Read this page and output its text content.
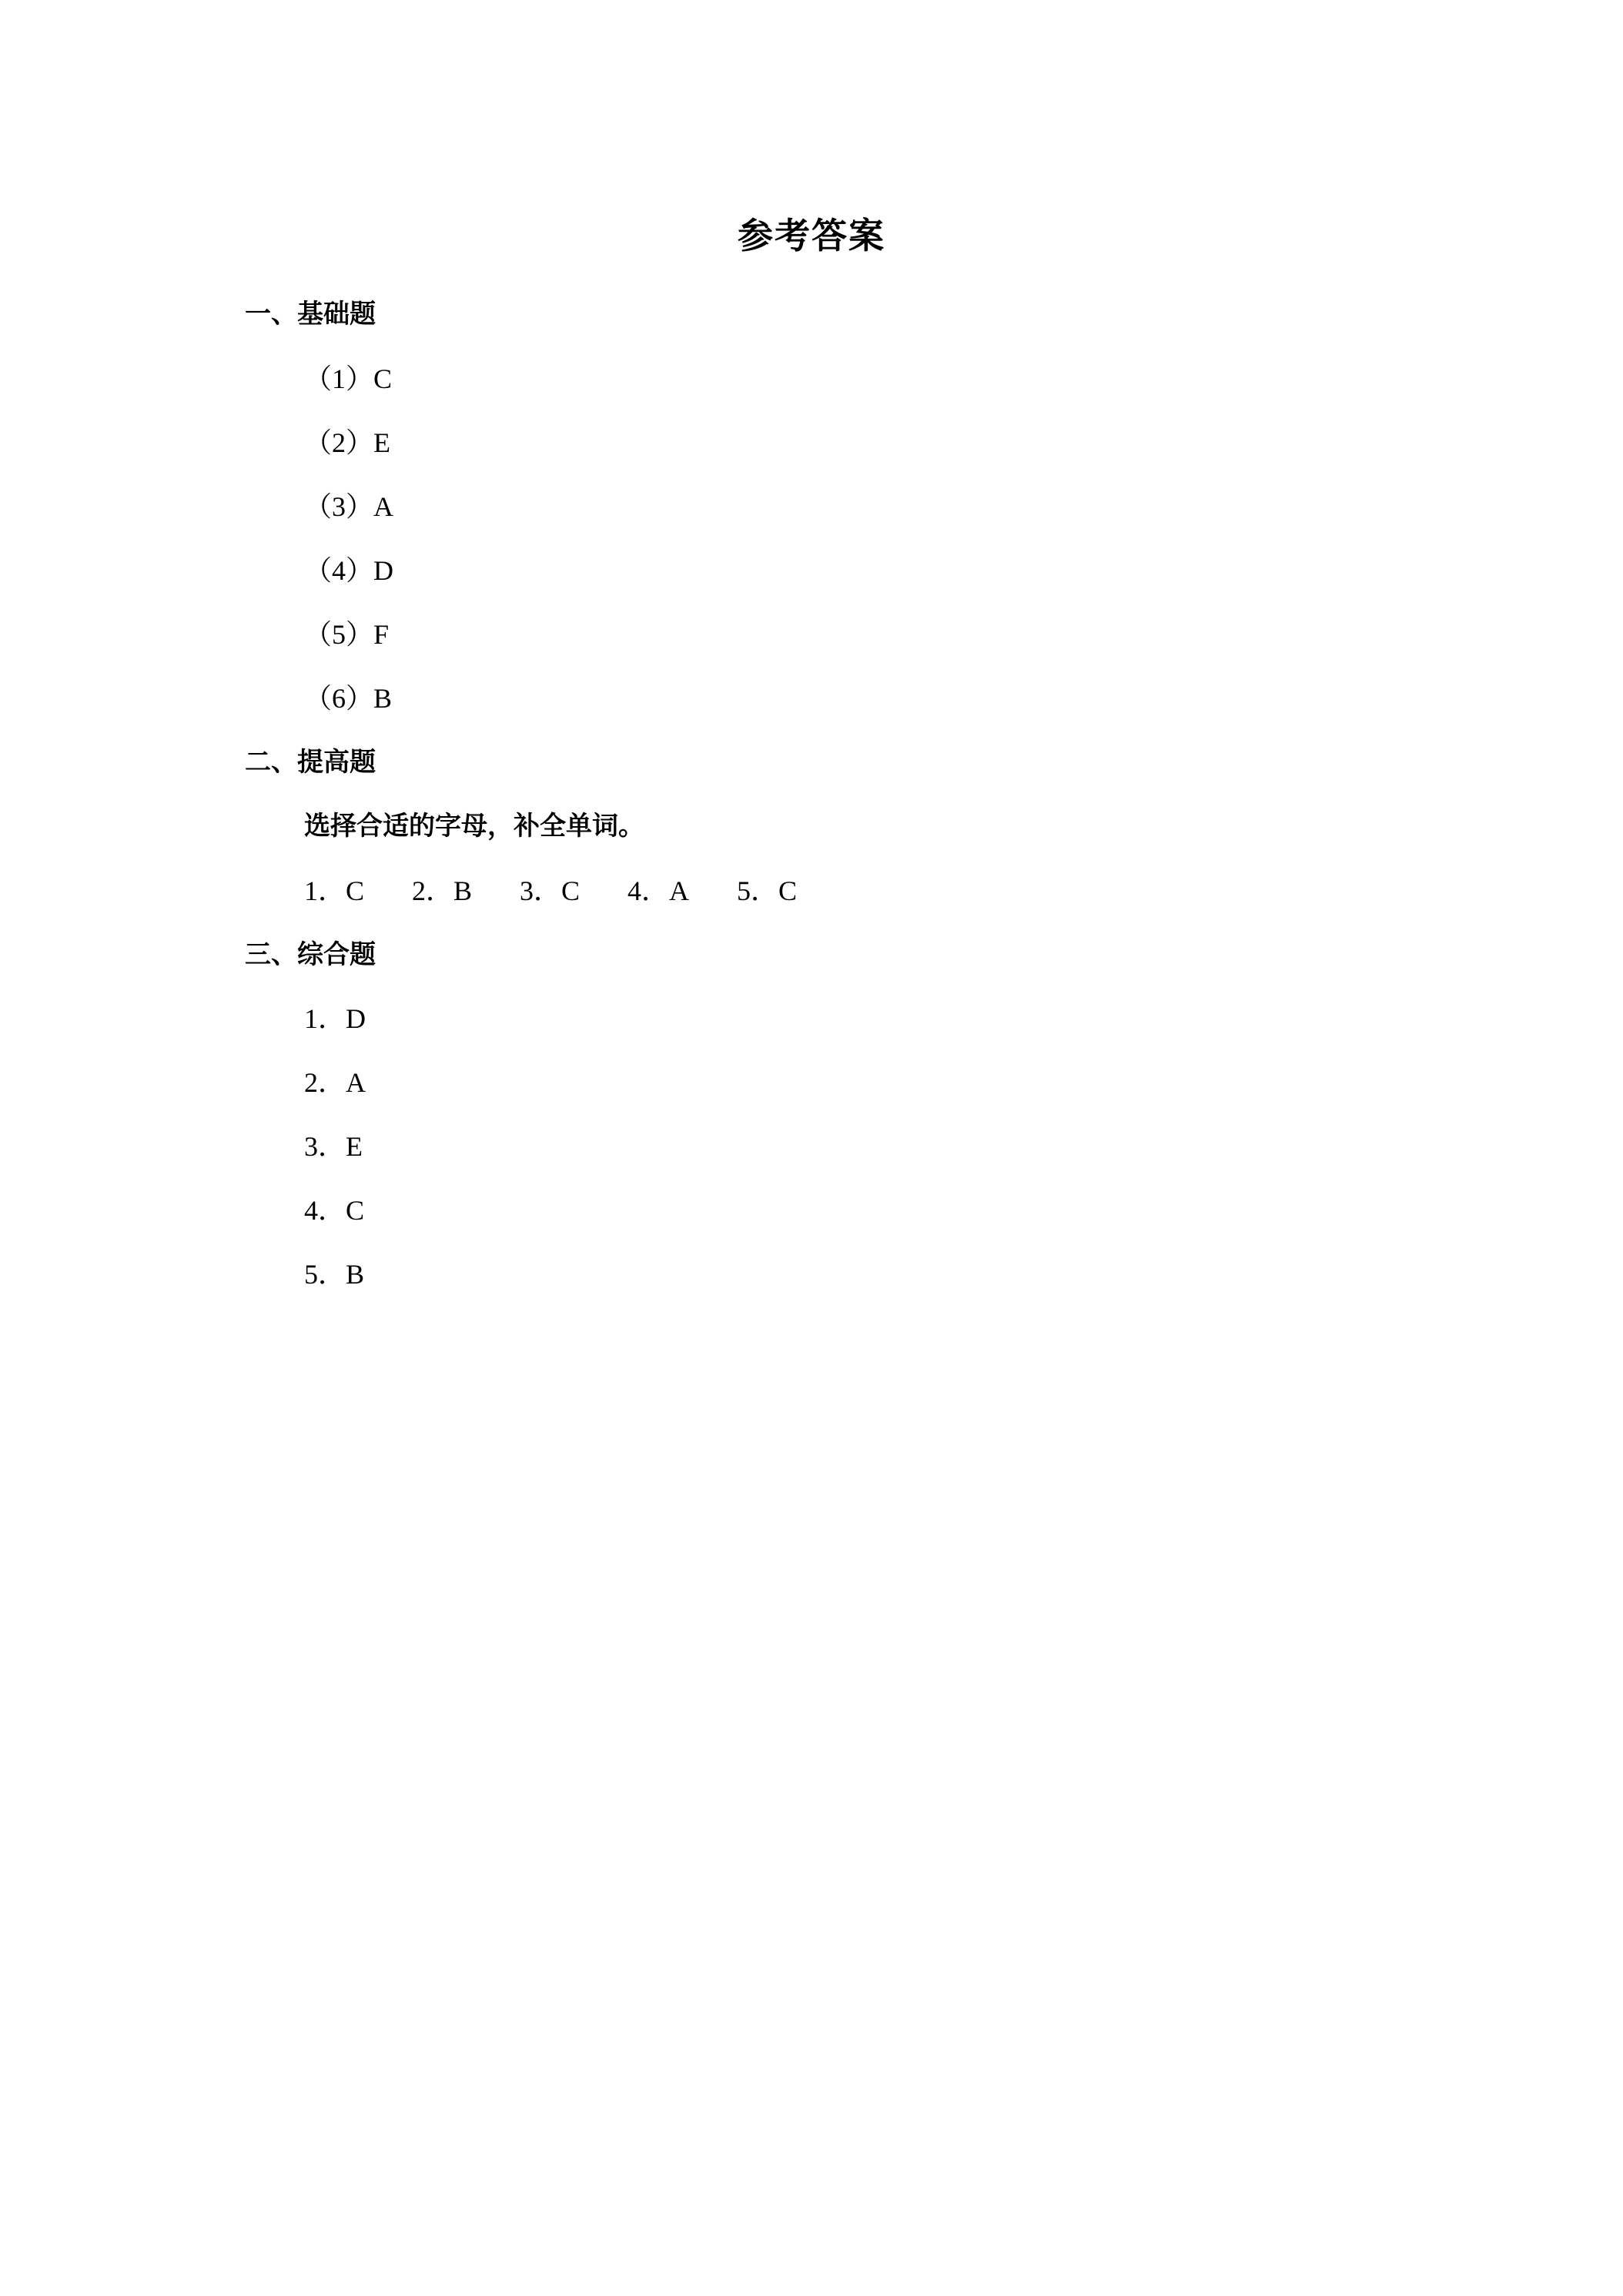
参考答案
一、基础题
（1）C
（2）E
（3）A
（4）D
（5）F
（6）B
二、提高题
选择合适的字母，补全单词。
1．C 2．B 3．C 4．A 5．C
三、综合题
1．D
2．A
3．E
4．C
5．B
